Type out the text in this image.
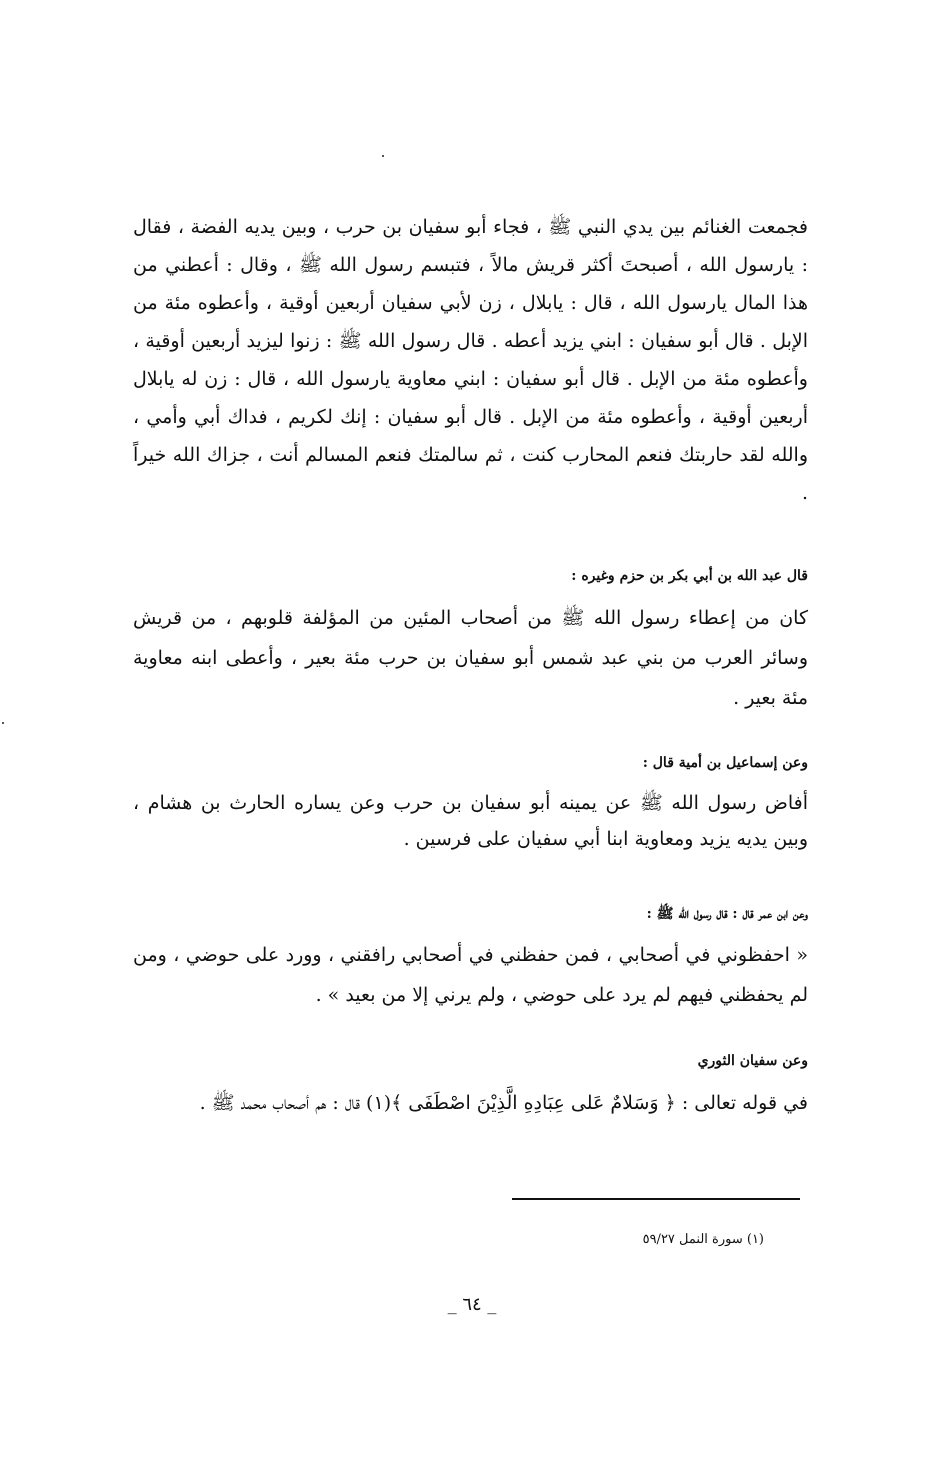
فجمعت الغنائم بين يدي النبي ﷺ ، فجاء أبو سفيان بن حرب ، وبين يديه الفضة ، فقال : يارسول الله ، أصبحتَ أكثر قريش مالاً ، فتبسم رسول الله ﷺ ، وقال : أعطني من هذا المال يارسول الله ، قال : يابلال ، زن لأبي سفيان أربعين أوقية ، وأعطوه مئة من الإبل . قال أبو سفيان : ابني يزيد أعطه . قال رسول الله ﷺ : زنوا ليزيد أربعين أوقية ، وأعطوه مئة من الإبل . قال أبو سفيان : ابني معاوية يارسول الله ، قال : زن له يابلال أربعين أوقية ، وأعطوه مئة من الإبل . قال أبو سفيان : إنك لكريم ، فداك أبي وأمي ، والله لقد حاربتك فنعم المحارب كنت ، ثم سالمتك فنعم المسالم أنت ، جزاك الله خيراً .

قال عبد الله بن أبي بكر بن حزم وغيره :

كان من إعطاء رسول الله ﷺ من أصحاب المئين من المؤلفة قلوبهم ، من قريش وسائر العرب من بني عبد شمس أبو سفيان بن حرب مئة بعير ، وأعطى ابنه معاوية مئة بعير .

وعن إسماعيل بن أمية قال :

أفاض رسول الله ﷺ عن يمينه أبو سفيان بن حرب وعن يساره الحارث بن هشام ، وبين يديه يزيد ومعاوية ابنا أبي سفيان على فرسين .

وعن ابن عمر قال : قال رسول الله ﷺ :

« احفظوني في أصحابي ، فمن حفظني في أصحابي رافقني ، وورد على حوضي ، ومن لم يحفظني فيهم لم يرد على حوضي ، ولم يرني إلا من بعيد » .

وعن سفيان الثوري

في قوله تعالى : ﴿ وَسَلامٌ عَلى عِبَادِهِ الَّذِيْنَ اصْطَفَى ﴾(١) قال : هم أصحاب محمد ﷺ .

(١) سورة النمل ٥٩/٢٧
_ ٦٤ _
